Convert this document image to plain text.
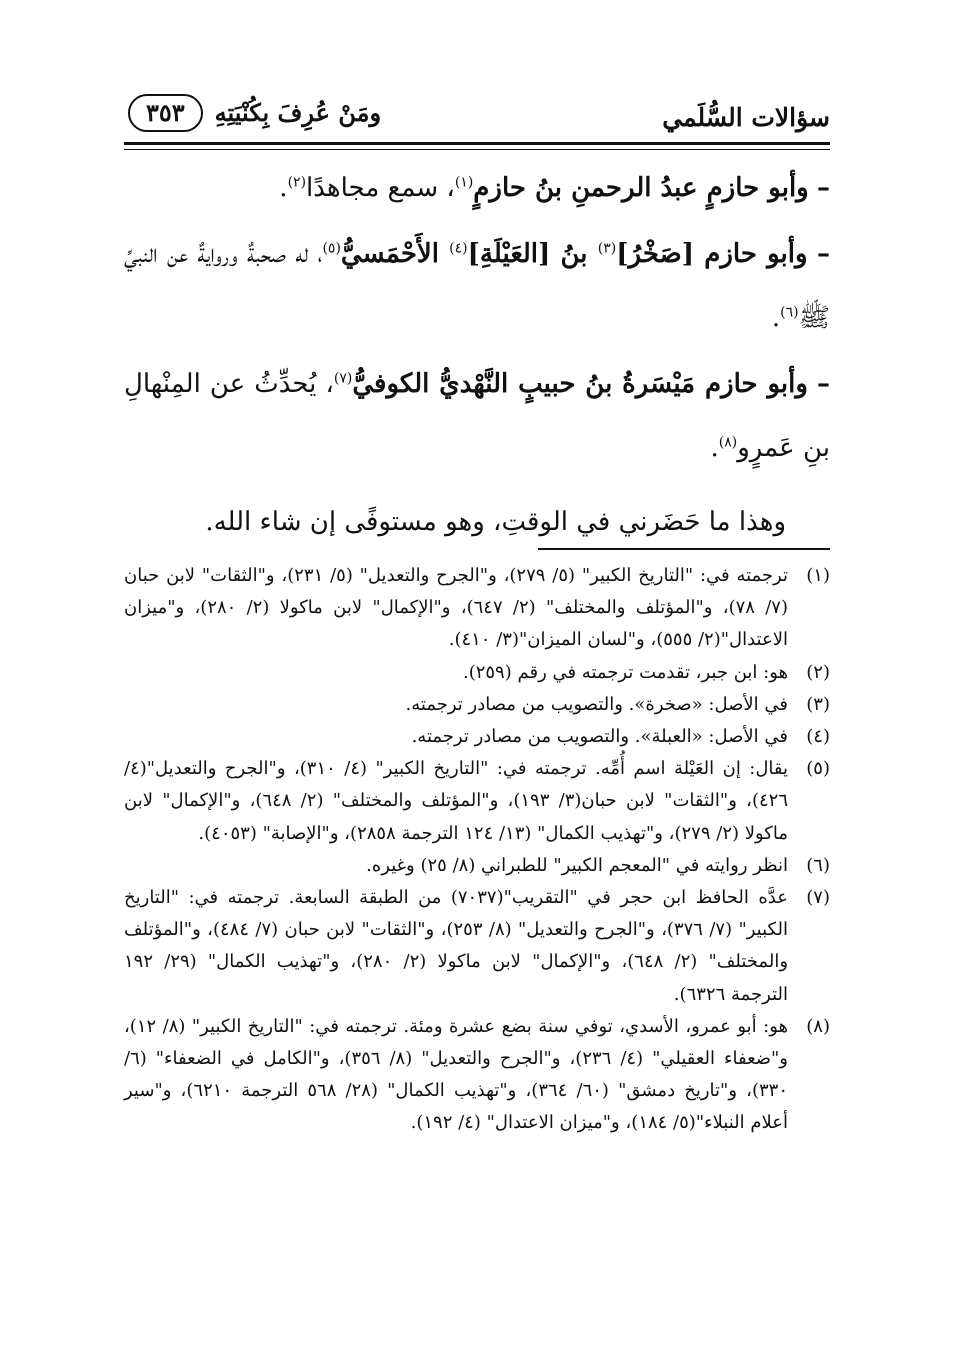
سؤالات السُّلَمي
ومَنْ عُرِفَ بِكُنْيَتِهِ
٣٥٣

– وأبو حازمٍ عبدُ الرحمنِ بنُ حازمٍ$^{(١)}$، سمع مجاهدًا$^{(٢)}$.

– وأبو حازم [صَخْرُ]$^{(٣)}$ بنُ [العَيْلَةِ]$^{(٤)}$ الأَحْمَسيُّ$^{(٥)}$، له صحبةٌ وروايةٌ عن النبيِّ ﷺ$^{(٦)}$.

– وأبو حازم مَيْسَرةُ بنُ حبيبٍ النَّهْديُّ الكوفيُّ$^{(٧)}$، يُحدِّثُ عن المِنْهالِ بنِ عَمرٍو$^{(٨)}$.

وهذا ما حَضَرني في الوقتِ، وهو مستوفًى إن شاء الله.

(١)
ترجمته في: "التاريخ الكبير" (٥/ ٢٧٩)، و"الجرح والتعديل" (٥/ ٢٣١)، و"الثقات" لابن حبان (٧/ ٧٨)، و"المؤتلف والمختلف" (٢/ ٦٤٧)، و"الإكمال" لابن ماكولا (٢/ ٢٨٠)، و"ميزان الاعتدال"(٢/ ٥٥٥)، و"لسان الميزان"(٣/ ٤١٠).
(٢)
هو: ابن جبر، تقدمت ترجمته في رقم (٢٥٩).
(٣)
في الأصل: «صخرة». والتصويب من مصادر ترجمته.
(٤)
في الأصل: «العبلة». والتصويب من مصادر ترجمته.
(٥)
يقال: إن العَيْلة اسم أُمِّه. ترجمته في: "التاريخ الكبير" (٤/ ٣١٠)، و"الجرح والتعديل"(٤/ ٤٢٦)، و"الثقات" لابن حبان(٣/ ١٩٣)، و"المؤتلف والمختلف" (٢/ ٦٤٨)، و"الإكمال" لابن ماكولا (٢/ ٢٧٩)، و"تهذيب الكمال" (١٣/ ١٢٤ الترجمة ٢٨٥٨)، و"الإصابة" (٤٠٥٣).
(٦)
انظر روايته في "المعجم الكبير" للطبراني (٨/ ٢٥) وغيره.
(٧)
عدَّه الحافظ ابن حجر في "التقريب"(٧٠٣٧) من الطبقة السابعة. ترجمته في: "التاريخ الكبير" (٧/ ٣٧٦)، و"الجرح والتعديل" (٨/ ٢٥٣)، و"الثقات" لابن حبان (٧/ ٤٨٤)، و"المؤتلف والمختلف" (٢/ ٦٤٨)، و"الإكمال" لابن ماكولا (٢/ ٢٨٠)، و"تهذيب الكمال" (٢٩/ ١٩٢ الترجمة ٦٣٢٦).
(٨)
هو: أبو عمرو، الأسدي، توفي سنة بضع عشرة ومئة. ترجمته في: "التاريخ الكبير" (٨/ ١٢)، و"ضعفاء العقيلي" (٤/ ٢٣٦)، و"الجرح والتعديل" (٨/ ٣٥٦)، و"الكامل في الضعفاء" (٦/ ٣٣٠)، و"تاريخ دمشق" (٦٠/ ٣٦٤)، و"تهذيب الكمال" (٢٨/ ٥٦٨ الترجمة ٦٢١٠)، و"سير أعلام النبلاء"(٥/ ١٨٤)، و"ميزان الاعتدال" (٤/ ١٩٢).
